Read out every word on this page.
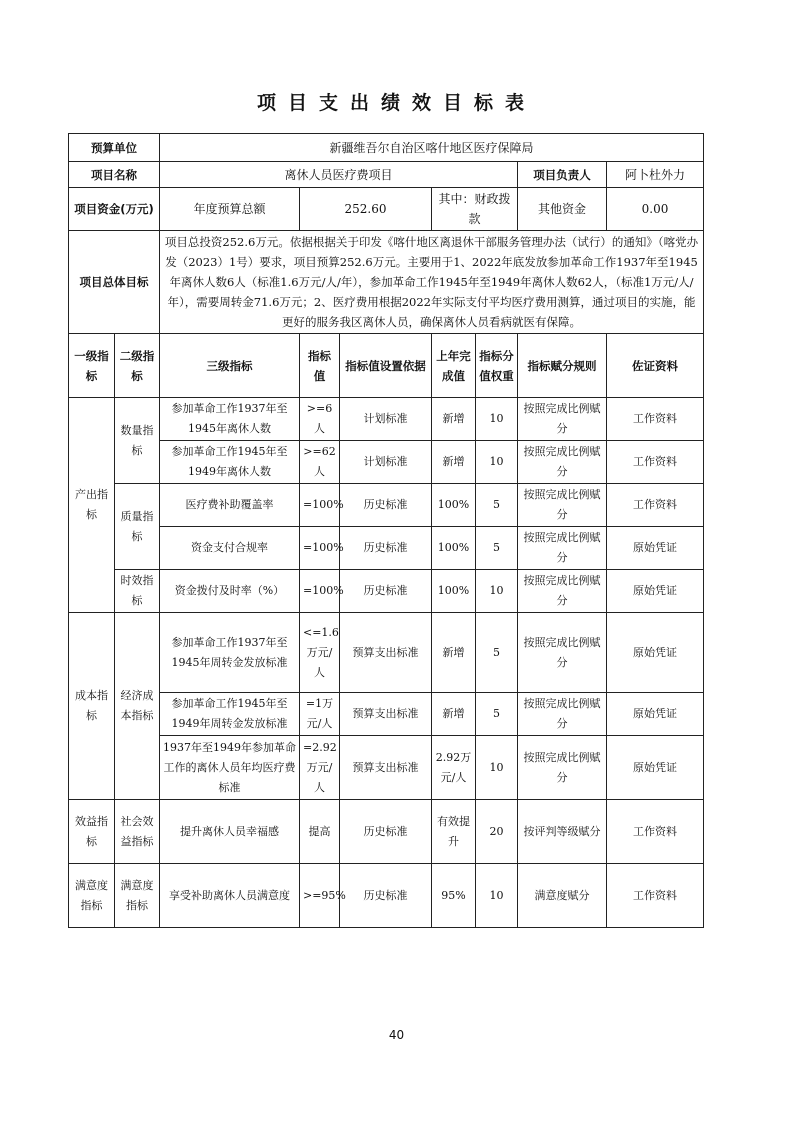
项目支出绩效目标表
预算单位		新疆维吾尔自治区喀什地区医疗保障局						
项目名称		离休人员医疗费项目					项目负责人	阿卜杜外力
项目资金(万元)		年度预算总额	252.60		其中：财政拨款		其他资金	0.00
项目总体目标		项目总投资252.6万元。依据根据关于印发《喀什地区离退休干部服务管理办法（试行）的通知》（喀党办发（2023）1号）要求，项目预算252.6万元。主要用于1、2022年底发放参加革命工作1937年至1945年离休人数6人（标准1.6万元/人/年），参加革命工作1945年至1949年离休人数62人，（标准1万元/人/年），需要周转金71.6万元；2、医疗费用根据2022年实际支付平均医疗费用测算，通过项目的实施，能更好的服务我区离休人员，确保离休人员看病就医有保障。						
一级指标	二级指标	三级指标	指标值	指标值设置依据	上年完成值	指标分值权重	指标赋分规则	佐证资料
产出指标	数量指标	参加革命工作1937年至1945年离休人数	>=6人	计划标准	新增	10	按照完成比例赋分	工作资料
		参加革命工作1945年至1949年离休人数	>=62人	计划标准	新增	10	按照完成比例赋分	工作资料
	质量指标	医疗费补助覆盖率	=100%	历史标准	100%	5	按照完成比例赋分	工作资料
		资金支付合规率	=100%	历史标准	100%	5	按照完成比例赋分	原始凭证
	时效指标	资金拨付及时率（%）	=100%	历史标准	100%	10	按照完成比例赋分	原始凭证
成本指标	经济成本指标	参加革命工作1937年至1945年周转金发放标准	<=1.6万元/人	预算支出标准	新增	5	按照完成比例赋分	原始凭证
		参加革命工作1945年至1949年周转金发放标准	=1万元/人	预算支出标准	新增	5	按照完成比例赋分	原始凭证
		1937年至1949年参加革命工作的离休人员年均医疗费标准	=2.92万元/人	预算支出标准	2.92万元/人	10	按照完成比例赋分	原始凭证
效益指标	社会效益指标	提升离休人员幸福感	提高	历史标准	有效提升	20	按评判等级赋分	工作资料
满意度指标	满意度指标	享受补助离休人员满意度	>=95%	历史标准	95%	10	满意度赋分	工作资料
40
